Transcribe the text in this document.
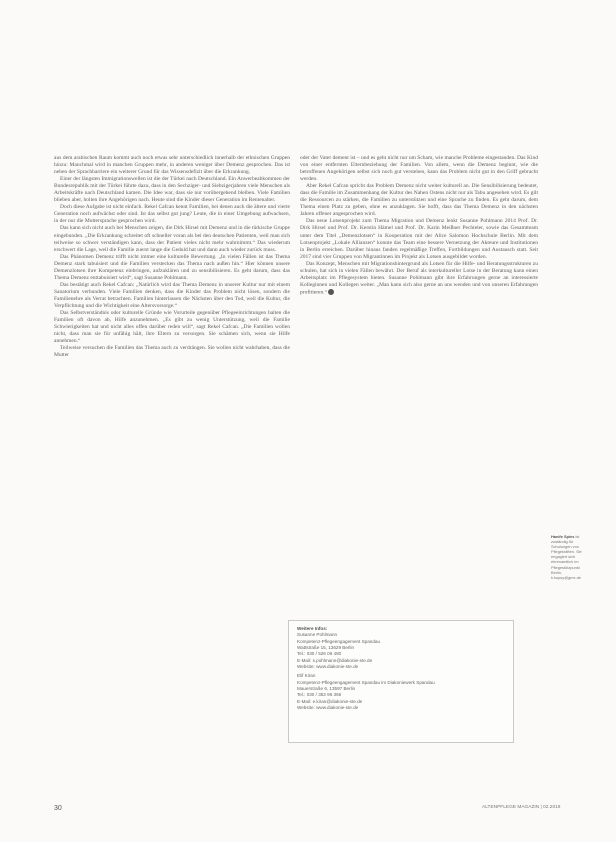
aus dem arabischen Raum kommt auch noch etwas sehr unterschiedlich innerhalb der ethnischen Gruppen hinzu: Manchmal wird in manchen Gruppen mehr, in anderen weniger über Demenz gesprochen. Das ist neben der Sprachbarriere ein weiterer Grund für das Wissensdefizit über die Erkrankung.

Einer der längsten Immigrationswellen ist die der Türkei nach Deutschland. Ein Anwerbeabkommen der Bundesrepublik mit der Türkei führte dazu, dass in den Sechziger- und Siebzigerjahren viele Menschen als Arbeitskräfte nach Deutschland kamen. Die Idee war, dass sie nur vorübergehend bleiben. Viele Familien blieben aber, holten ihre Angehörigen nach. Heute sind die Kinder dieser Generation im Rentenalter.

Doch diese Aufgabe ist nicht einfach. Rekel Cafcan kennt Familien, bei denen auch die ältere und vierte Generation noch aufwächst oder sind. Ist das selbst gut jung? Leute, die in einer Umgebung aufwachsen, in der nur die Muttersprache gesprochen wird.

Das kann sich nicht auch bei Menschen zeigen, die Dirk Hirsel mit Demenz und in die türkische Gruppe eingebunden. „Die Erkrankung schreitet oft schneller voran als bei den deutschen Patienten, weil man sich teilweise so schwer verständigen kann, dass der Patient vieles nicht mehr wahrnimmt.“ Das wiederum erschwert die Lage, weil die Familie zuerst lange die Geduld hat und dann auch wieder zurück muss.

Das Phänomen Demenz trifft nicht immer eine kulturelle Bewertung. „In vielen Fällen ist das Thema Demenz stark tabuisiert und die Familien verstecken das Thema nach außen hin.“ Hier können unsere Demenzlotsen ihre Kompetenz einbringen, aufzuklären und zu sensibilisieren. Es geht darum, dass das Thema Demenz enttabuisiert wird“, sagt Susanne Pohlmann.

Das bestätigt auch Rekel Cafcan: „Natürlich wird das Thema Demenz in unserer Kultur nur mit einem Sanatorium verbunden. Viele Familien denken, dass die Kinder das Problem nicht lösen, sondern die Familienehre als Verrat betrachten. Familien hinterlassen die Nächsten über den Tod, weil die Kultur, die Verpflichtung und die Wichtigkeit eine Altersvorsorge.“

Das Selbstverständnis oder kulturelle Gründe wie Vorurteile gegenüber Pflegeeinrichtungen halten die Familien oft davon ab, Hilfe anzunehmen. „Es gibt zu wenig Unterstützung, weil die Familie Schwierigkeiten hat und nicht alles offen darüber reden will“, sagt Rekel Cafcan. „Die Familien wollen nicht, dass man sie für unfähig hält, ihre Eltern zu versorgen. Sie schämen sich, wenn sie Hilfe annehmen.“

Teilweise versuchen die Familien das Thema auch zu verdrängen. Sie wollen nicht wahrhaben, dass die Mutter

oder der Vater dement ist – und es geht nicht nur um Scham, wie manche Probleme eingestanden. Das Kind von einer entfernten Elternbeziehung der Familien. Von allem, wenn die Demenz beginnt, wie die betroffenen Angehörigen selbst sich noch gut verstehen, kann das Problem nicht gut in den Griff gebracht werden.

Aber Rekel Cafcan spricht das Problem Demenz nicht weiter kulturell an. Die Sensibilisierung bedeutet, dass die Familie im Zusammenhang der Kultur des Nahen Ostens nicht nur als Tabu angesehen wird. Es gilt die Ressourcen zu stärken, die Familien zu unterstützen und eine Sprache zu finden. Es geht darum, dem Thema einen Platz zu geben, ohne es anzuklagen. Sie hofft, dass das Thema Demenz in den nächsten Jahren offener angesprochen wird.

Das neue Lotsenprojekt zum Thema Migration und Demenz lenkt Susanne Pohlmann 2014 Prof. Dr. Dirk Hirsel und Prof. Dr. Kerstin Hämel und Prof. Dr. Karin Meißner Pechteler, sowie das Gesamtteam unter dem Titel „Demenzlotsen“ in Kooperation mit der Alice Salomon Hochschule Berlin. Mit dem Lotsenprojekt „Lokale Allianzen“ konnte das Team eine bessere Vernetzung der Akteure und Institutionen in Berlin erreichen. Darüber hinaus fanden regelmäßige Treffen, Fortbildungen und Austausch statt. Seit 2017 sind vier Gruppen von Migrantinnen im Projekt als Lotsen ausgebildet worden.

Das Konzept, Menschen mit Migrationshintergrund als Lotsen für die Hilfe- und Beratungsstrukturen zu schulen, hat sich in vielen Fällen bewährt. Der Beruf als interkultureller Lotse in der Beratung kann einen Arbeitsplatz im Pflegesystem bieten. Susanne Pohlmann gibt ihre Erfahrungen gerne an interessierte Kolleginnen und Kollegen weiter. „Man kann sich also gerne an uns wenden und von unseren Erfahrungen profitieren.“ ●

Hanife Spies ist zuständig für Schulungen von Pflegekräften. Sie engagiert sich ehrenamtlich im Pflegestützpunkt Berlin, k.kupsy@gmx.de
Weitere Infos:
Susanne Pohlmann
Kompetenz-Pflegeengagement Spandau
Wattstraße 15, 13629 Berlin
Tel.: 030 / 526 06 480
E-Mail: s.pohlmann@diakonie-ste.de
Website: www.diakonie-ste.de
Elif Kiran
Kompetenz-Pflegeengagement Spandau im Diakoniewerk Spandau
Mauerstraße 6, 13597 Berlin
Tel.: 030 / 353 96 366
E-Mail: e.kiran@diakonie-ste.de
Website: www.diakonie-ste.de
30	ALTENPFLEGE MAGAZIN | 02.2019
